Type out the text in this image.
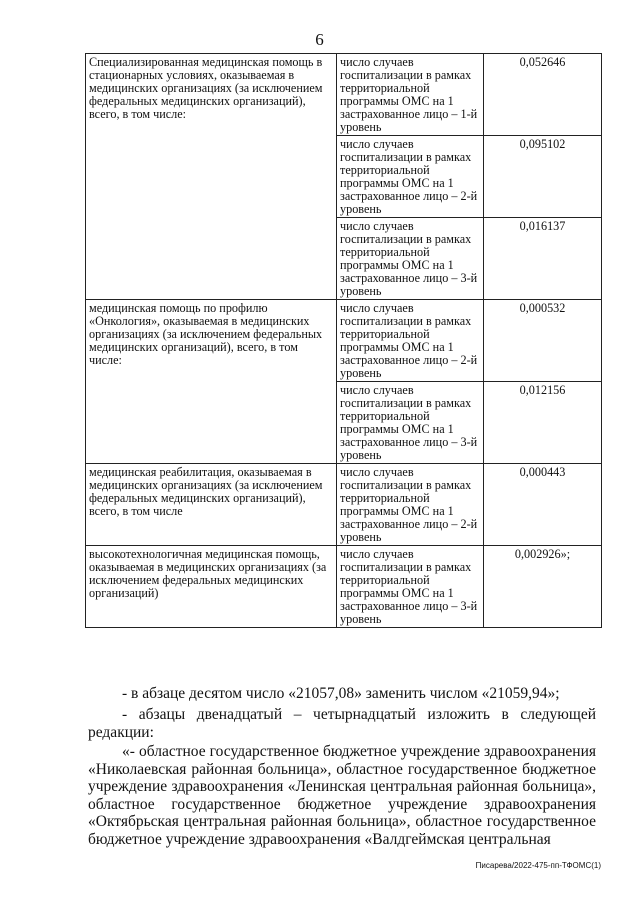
6
Специализированная медицинская помощь в стационарных условиях, оказываемая в медицинских организациях (за исключением федеральных медицинских организаций), всего, в том числе:	число случаев госпитализации в рамках территориальной программы ОМС на 1 застрахованное лицо – 1-й уровень	0,052646
	число случаев госпитализации в рамках территориальной программы ОМС на 1 застрахованное лицо – 2-й уровень	0,095102
	число случаев госпитализации в рамках территориальной программы ОМС на 1 застрахованное лицо – 3-й уровень	0,016137
медицинская помощь по профилю «Онкология», оказываемая в медицинских организациях (за исключением федеральных медицинских организаций), всего, в том числе:	число случаев госпитализации в рамках территориальной программы ОМС на 1 застрахованное лицо – 2-й уровень	0,000532
	число случаев госпитализации в рамках территориальной программы ОМС на 1 застрахованное лицо – 3-й уровень	0,012156
медицинская реабилитация, оказываемая в медицинских организациях (за исключением федеральных медицинских организаций), всего, в том числе	число случаев госпитализации в рамках территориальной программы ОМС на 1 застрахованное лицо – 2-й уровень	0,000443
высокотехнологичная медицинская помощь, оказываемая в медицинских организациях (за исключением федеральных медицинских организаций)	число случаев госпитализации в рамках территориальной программы ОМС на 1 застрахованное лицо – 3-й уровень	0,002926»;
- в абзаце десятом число «21057,08» заменить числом «21059,94»;
- абзацы двенадцатый – четырнадцатый изложить в следующей редакции:
«- областное государственное бюджетное учреждение здравоохранения «Николаевская районная больница», областное государственное бюджетное учреждение здравоохранения «Ленинская центральная районная больница», областное государственное бюджетное учреждение здравоохранения «Октябрьская центральная районная больница», областное государственное бюджетное учреждение здравоохранения «Валдгеймская центральная
Писарева/2022-475-пп-ТФОМС(1)
